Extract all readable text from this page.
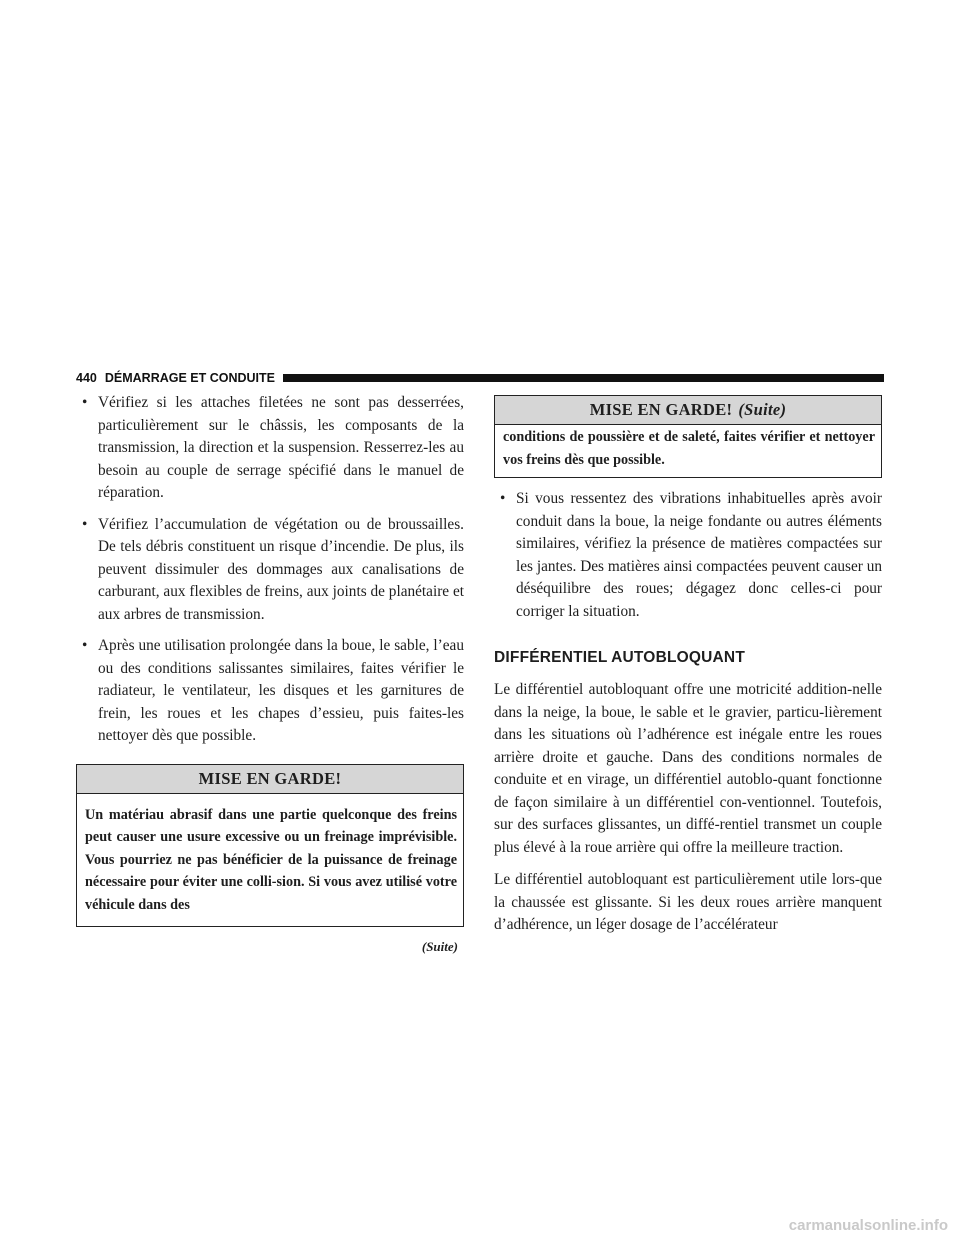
440 DÉMARRAGE ET CONDUITE
• Vérifiez si les attaches filetées ne sont pas desserrées, particulièrement sur le châssis, les composants de la transmission, la direction et la suspension. Resserrez-les au besoin au couple de serrage spécifié dans le manuel de réparation.
• Vérifiez l’accumulation de végétation ou de broussailles. De tels débris constituent un risque d’incendie. De plus, ils peuvent dissimuler des dommages aux canalisations de carburant, aux flexibles de freins, aux joints de planétaire et aux arbres de transmission.
• Après une utilisation prolongée dans la boue, le sable, l’eau ou des conditions salissantes similaires, faites vérifier le radiateur, le ventilateur, les disques et les garnitures de frein, les roues et les chapes d’essieu, puis faites-les nettoyer dès que possible.
MISE EN GARDE!
Un matériau abrasif dans une partie quelconque des freins peut causer une usure excessive ou un freinage imprévisible. Vous pourriez ne pas bénéficier de la puissance de freinage nécessaire pour éviter une colli-sion. Si vous avez utilisé votre véhicule dans des
(Suite)
MISE EN GARDE! (Suite)
conditions de poussière et de saleté, faites vérifier et nettoyer vos freins dès que possible.
• Si vous ressentez des vibrations inhabituelles après avoir conduit dans la boue, la neige fondante ou autres éléments similaires, vérifiez la présence de matières compactées sur les jantes. Des matières ainsi compactées peuvent causer un déséquilibre des roues; dégagez donc celles-ci pour corriger la situation.
DIFFÉRENTIEL AUTOBLOQUANT

Le différentiel autobloquant offre une motricité addition-nelle dans la neige, la boue, le sable et le gravier, particu-lièrement dans les situations où l’adhérence est inégale entre les roues arrière droite et gauche. Dans des conditions normales de conduite et en virage, un différentiel autoblo-quant fonctionne de façon similaire à un différentiel con-ventionnel. Toutefois, sur des surfaces glissantes, un diffé-rentiel transmet un couple plus élevé à la roue arrière qui offre la meilleure traction.

Le différentiel autobloquant est particulièrement utile lors-que la chaussée est glissante. Si les deux roues arrière manquent d’adhérence, un léger dosage de l’accélérateur

carmanualsonline.info
